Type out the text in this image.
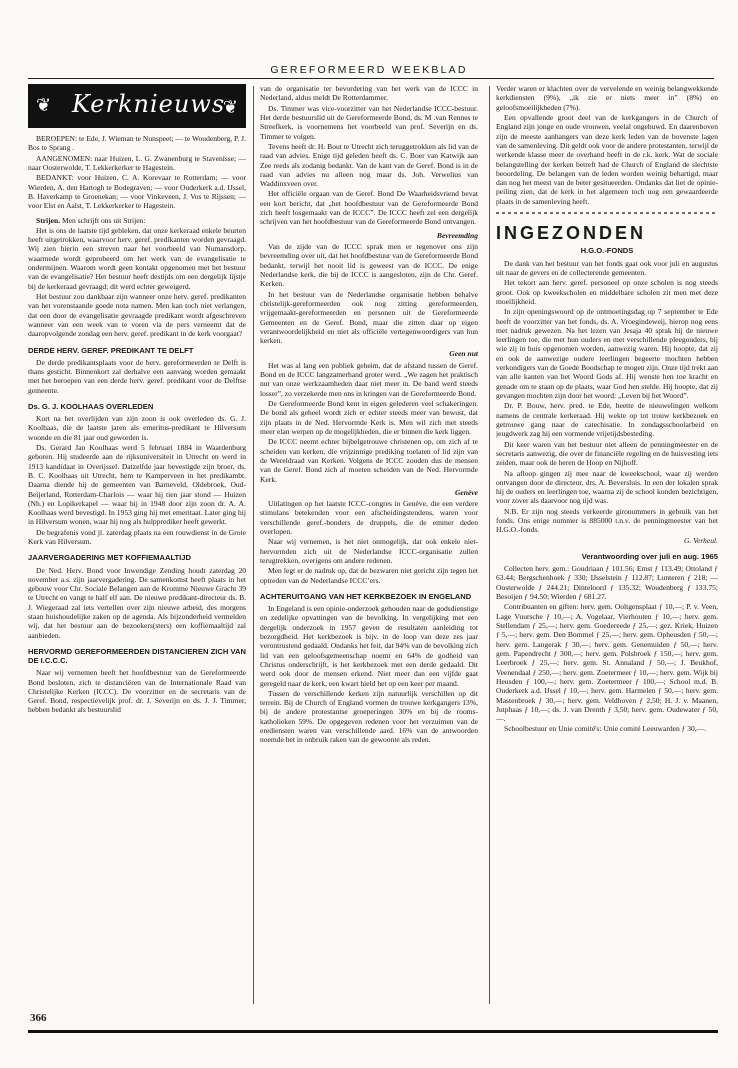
GEREFORMEERD WEEKBLAD
❦ Kerknieuws
❦

BEROEPEN: te Ede, J. Wieman te Nunspeet; — te Woudenberg, P. J. Bos te Sprang .

AANGENOMEN: naar Huizen, L. G. Zwanenburg te Stavenisse; — naar Oosterwolde, T. Lekkerkerker te Hagestein.

BEDANKT: voor Huizen, C. A. Korevaar te Rotterdam; — voor Wierden, A. den Hartogh te Bodegraven; — voor Ouderkerk a.d. IJssel, B. Haverkamp te Groenekan; — voor Vinkeveen, J. Vos te Rijssen; — voor Elst en Aalst, T. Lekkerkerker te Hagestein.

Strijen. Men schrijft ons uit Strijen:

Het is ons de laatste tijd gebleken, dat onze kerkeraad enkele beurten heeft uitgetrokken, waarvoor herv. geref. predikanten worden gevraagd. Wij zien hierin een streven naar het voorbeeld van Numansdorp, waarmede wordt geprobeerd om het werk van de evangelisatie te ondermijnen. Waarom wordt geen kontakt opgenomen met het bestuur van de evangelisatie? Het bestuur heeft destijds om een dergelijk lijstje bij de kerkeraad gevraagd; dit werd echter geweigerd.

Het bestuur zou dankbaar zijn wanneer onze herv. geref. predikanten van het vorenstaande goede nota namen. Men kan toch niet verlangen, dat een door de evangelisatie gevraagde predikant wordt afgeschreven wanneer van een week van te voren via de pers verneemt dat de daaropvolgende zondag een herv. geref. predikant in de kerk voorgaat?

DERDE HERV. GEREF. PREDIKANT TE DELFT

De derde predikantsplaats voor de herv. gereformeerden te Delft is thans gesticht. Binnenkort zal derhalve een aanvang worden gemaakt met het beroepen van een derde herv. geref. predikant voor de Delftse gemeente.

Ds. G. J. KOOLHAAS OVERLEDEN

Kort na het overlijden van zijn zoon is ook overleden ds. G. J. Koolhaas, die de laatste jaren als emeritus-predikant te Hilversum woonde en die 81 jaar oud geworden is.

Ds. Gerard Jan Koolhaas werd 5 februari 1884 in Waardenburg geboren. Hij studeerde aan de rijksuniversiteit in Utrecht en werd in 1913 kandidaat in Overijssel. Datzelfde jaar bevestigde zijn broer, ds. B. C. Koolhaas uit Utrecht, hem te Kamperveen in het predikambt. Daarna diende hij de gemeenten van Barneveld, Oldebroek, Oud-Beijerland, Rotterdam-Charlois — waar hij tien jaar stond — Huizen (Nh.) en Lopikerkapel — waar hij in 1948 door zijn zoon dr. A. A. Koolhaas werd bevestigd. In 1953 ging hij met emeritaat. Later ging hij in Hilversum wonen, waar hij nog als hulpprediker heeft gewerkt.

De begrafenis vond jl. zaterdag plaats na een rouwdienst in de Grote Kerk van Hilversum.

JAARVERGADERING MET KOFFIEMAALTIJD

De Ned. Herv. Bond voor Inwendige Zending houdt zaterdag 20 november a.s. zijn jaarvergadering. De samenkomst heeft plaats in het gebouw voor Chr. Sociale Belangen aan de Kromme Nieuwe Gracht 39 te Utrecht en vangt te half elf aan. De nieuwe predikant-directeur ds. B. J. Wiegeraad zal iets vertellen over zijn nieuwe arbeid, des morgens staan huishoudelijke zaken op de agenda. Als bijzonderheid vermelden wij, dat het bestuur aan de bezoekers(sters) een koffiemaaltijd zal aanbieden.

HERVORMD GEREFORMEERDEN DISTANCIEREN ZICH VAN DE I.C.C.C.

Naar wij vernemen heeft het hoofdbestuur van de Gereformeerde Bond besloten, zich te distanciëren van de Internationale Raad van Christelijke Kerken (ICCC). De voorzitter en de secretaris van de Geref. Bond, respectievelijk prof. dr. J. Severijn en ds. J. J. Timmer, hebben bedankt als bestuurslid

van de organisatie ter bevordering van het werk van de ICCC in Nederland, aldus meldt De Rotterdammer.

Ds. Timmer was vice-voorzitter van het Nederlandse ICCC-bestuur. Het derde bestuurslid uit de Gereformeerde Bond, ds. M .van Rennes te Streefkerk, is voornemens het voorbeeld van prof. Severijn en ds. Timmer te volgen.

Tevens heeft dr. H. Bout te Utrecht zich teruggetrokken als lid van de raad van advies. Enige tijd geleden heeft ds. C. Boer van Katwijk aan Zee reeds als zodanig bedankt. Van de kant van de Geref. Bond is in de raad van advies nu alleen nog maar ds. Joh. Verwelius van Waddinxveen over.

Het officiële orgaan van de Geref. Bond De Waarheidsvriend bevat een kort bericht, dat „het hoofdbestuur van de Gereformeerde Bond zich heeft losgemaakt van de ICCC”. De ICCC heeft zel een dergelijk schrijven van het hoofdbestuur van de Gereformeerde Bond ontvangen.

Bevreemding

Van de zijde van de ICCC sprak men er tegenover ons zijn bevreemding over uit, dat het hoofdbestuur van de Gereformeerde Bond bedankt, terwijl het nooit lid is geweest van de ICCC. De enige Nederlandse kerk, die bij de ICCC is aangesloten, zijn de Chr. Geref. Kerken.

In het bestuur van de Nederlandse organisatie hebben behalve christelijk-gereformeerden ook nog zitting gereformeerden, vrijgemaakt-gereformeerden en personen uit de Gereformeerde Gemeenten en de Geref. Bond, maar die zitten daar op eigen verantwoordelijkheid en niet als officiële vertegenwoordigers van hun kerken.

Geen nut

Het was al lang een publiek geheim, dat de afstand tussen de Geref. Bond en de ICCC langzamerhand groter werd. „We zagen het praktisch nut van onze werkzaamheden daar niet meer in. De band werd steeds losser”, zo verzekerde men ons in kringen van de Gereformeerde Bond.

De Gereformeerde Bond kent in eigen gelederen veel schakeringen. De bond als geheel wordt zich er echter steeds meer van bewust, dat zijn plaats in de Ned. Hervormde Kerk is. Men wil zich met steeds meer elan werpen op de mogelijkheden, die er binnen die kerk liggen.

De ICCC neemt echter bijbelgetrouwe christenen op, om zich af te scheiden van kerken, die vrijzinnige prediking toelaten of lid zijn van de Wereldraad van Kerken. Volgens de ICCC zouden dus de mensen van de Geref. Bond zich af moeten scheiden van de Ned. Hervormde Kerk.

Genève

Uitlatingen op het laatste ICCC-congres in Genève, die een verdere stimulans betekenden voor een afscheidingstendens, waren voor verschillende geref.-bonders de druppels, die de emmer deden overlopen.

Naar wij vernemen, is het niet onmogelijk, dat ook enkele niet-hervormden zich uit de Nederlandse ICCC-organisatie zullen terugtrekken, overigens om andere redenen.

Men legt er de nadruk op, dat de bezwaren niet gericht zijn tegen het optreden van de Nederlandse ICCC’ers.

ACHTERUITGANG VAN HET KERKBEZOEK IN ENGELAND

In Engeland is een opinie-onderzoek gehouden naar de godsdienstige en zedelijke opvattingen van de bevolking. In vergelijking met een dergelijk onderzoek in 1957 geven de resultaten aanleiding tot bezorgdheid. Het kerkbezoek is bijv. in de loop van deze zes jaar verontrustend gedaald. Ondanks het feit, dat 94% van de bevolking zich lid van een geloofsgemeenschap noemt en 64% de godheid van Christus onderschrijft, is het kerkbezoek met een derde gedaald. Dit werd ook door de mensen erkend. Niet meer dan een vijfde gaat geregeld naar de kerk, een kwart hield het op een keer per maand.

Tussen de verschillende kerken zijn natuurlijk verschillen op dit terrein. Bij de Church of England vormen de trouwe kerkgangers 13%, bij de andere protestantse groeperingen 30% en bij de rooms-katholieken 59%. De opgegeven redenen voor het verzuimen van de erediensten waren van verschillende aard. 16% van de antwoorden noemde het in onbruik raken van de gewoonte als reden.

Verder waren er klachten over de vervelende en weinig belangwekkende kerkdiensten (9%), „ik zie er niets meer in” (8%) en geloofsmoeilijkheden (7%).

Een opvallende groot deel van de kerkgangers in de Church of England zijn jonge en oude vrouwen, veelal ongehuwd. En daarenboven zijn de meeste aanhangers van deze kerk leden van de bovenste lagen van de samenleving. Dit geldt ook voor de andere protestanten, terwijl de werkende klasse meer de overhand heeft in de r.k. kerk. Wat de sociale belangstelling der kerken betreft had de Church of England de slechtste beoordeling. De belangen van de leden worden weinig behartigd, maar dan nog het meest van de beter gesitueerden. Ondanks dat liet de opinie-peiling zien, dat de kerk in het algemeen toch nog een gewaardeerde plaats in de samenleving heeft.

INGEZONDEN
H.G.O.-FONDS

De dank van het bestuur van het fonds gaat ook voor juli en augustus uit naar de gevers en de collecterende gemeenten.

Het tekort aan herv. geref. personeel op onze scholen is nog steeds groot. Ook op kweekscholen en middelbare scholen zit men met deze moeilijkheid.

In zijn openingswoord op de ontmoetingsdag op 7 september te Ede heeft de voorzitter van het fonds, ds. A. Vroegindeweij, hierop nog eens met nadruk gewezen. Na het lezen van Jesaja 40 sprak hij de nieuwe leerlingen toe, die met hun ouders en met verschillende pleegouders, bij wie zij in huis opgenomen worden, aanwezig waren. Hij hoopte, dat zij en ook de aanwezige oudere leerlingen begeerte mochten hebben verkondigers van de Goede Boodschap te mogen zijn. Onze tijd trekt aan van alle kanten van het Woord Gods af. Hij wenste hen toe kracht en genade om te staan op de plaats, waar God hen stelde. Hij hoopte, dat zij gevangen mochten zijn door het woord: „Leven bij het Woord”.

Dr. P. Bouw, herv. pred. te Ede, heette de nieuwelingen welkom namens de centrale kerkeraad. Hij wekte op tot trouw kerkbezoek en getrouwe gang naar de catechisatie. In zondagsschoolarbeid en jeugdwerk zag hij een vormende vrijetijdsbesteding.

Dit keer waren van het bestuur niet alleen de penningmeester en de secretaris aanwezig, die over de financiële regeling en de huisvesting iets zeiden, maar ook de heren de Hoop en Nijhoff.

Na afloop gingen zij mee naar de kweekschool, waar zij werden ontvangen door de directeur, drs. A. Beversluis. In een der lokalen sprak hij de ouders en leerlingen toe, waarna zij de school konden bezichtigen, voor zover als daarvoor nog tijd was.

N.B. Er zijn nog steeds verkeerde gironummers in gebruik van het fonds. Ons enige nummer is 885000 t.n.v. de penningmeester van het H.G.O.-fonds.

G. Verheul.

Verantwoording over juli en aug. 1965

Collecten herv. gem.: Goudriaan ƒ 101.56; Emst ƒ 113.49; Ottoland ƒ 63.44; Bergschenhoek ƒ 330; IJsselstein ƒ 112.87; Lunteren ƒ 218; — Oosterwolde ƒ 244.21; Dinteloord ƒ 135.32; Woudenberg ƒ 133.75; Besoijen ƒ 94.50; Wierden ƒ 681.27.

Contribuanten en giften: herv. gem. Ooltgensplaat ƒ 10,—; P. v. Veen, Lage Vuursche ƒ 10,—; A. Vogelaar, Vierhouten ƒ 10,—; herv. gem. Stellendam ƒ 25,—; herv. gem. Goedereede ƒ 25,—; gez. Kriek, Huizen ƒ 5,—; herv. gem. Den Bommel ƒ 25,—; herv. gem. Opheusden ƒ 50,—; herv. gem. Langerak ƒ 30,—; herv. gem. Genemuiden ƒ 50,—; herv. gem. Papendrecht ƒ 300,—; herv. gem. Polsbroek ƒ 150,—; herv. gem. Leerbroek ƒ 25,—; herv. gem. St. Annaland ƒ 50,—; J. Beukhof, Veenendaal ƒ 250,—; herv. gem. Zoetermeer ƒ 10,—; herv. gem. Wijk bij Heusden ƒ 100,—; herv. gem. Zoetermeer ƒ 100,—; School m.d. B. Ouderkerk a.d. IJssel ƒ 10,—; herv. gem. Harmelen ƒ 50,—; herv. gem. Mastenbroek ƒ 30,—; herv. gem. Veldhoven ƒ 2,50; H. J. v. Maanen, Jutphaas ƒ 10,—; ds. J. van Drenth ƒ 3,50; herv. gem. Oudewater ƒ 50,—.

Schoolbestuur en Unie comité's: Unie comité Leeuwarden ƒ 30,—.

366
